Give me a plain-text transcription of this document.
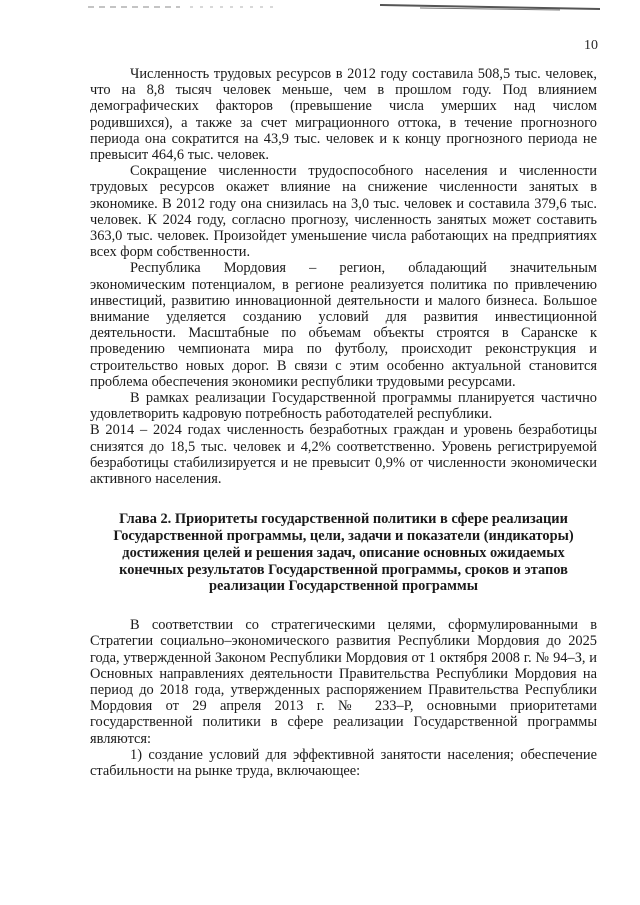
10

Численность трудовых ресурсов в 2012 году составила 508,5 тыс. человек, что на 8,8 тысяч человек меньше, чем в прошлом году. Под влиянием демографических факторов (превышение числа умерших над числом родившихся), а также за счет миграционного оттока, в течение прогнозного периода она сократится на 43,9 тыс. человек и к концу прогнозного периода не превысит 464,6 тыс. человек.

Сокращение численности трудоспособного населения и численности трудовых ресурсов окажет влияние на снижение численности занятых в экономике. В 2012 году она снизилась на 3,0 тыс. человек и составила 379,6 тыс. человек. К 2024 году, согласно прогнозу, численность занятых может составить 363,0 тыс. человек. Произойдет уменьшение числа работающих на предприятиях всех форм собственности.

Республика Мордовия – регион, обладающий значительным экономическим потенциалом, в регионе реализуется политика по привлечению инвестиций, развитию инновационной деятельности и малого бизнеса. Большое внимание уделяется созданию условий для развития инвестиционной деятельности. Масштабные по объемам объекты строятся в Саранске к проведению чемпионата мира по футболу, происходит реконструкция и строительство новых дорог. В связи с этим особенно актуальной становится проблема обеспечения экономики республики трудовыми ресурсами.

В рамках реализации Государственной программы планируется частично удовлетворить кадровую потребность работодателей республики.

В 2014 – 2024 годах численность безработных граждан и уровень безработицы снизятся до 18,5 тыс. человек и 4,2% соответственно. Уровень регистрируемой безработицы стабилизируется и не превысит 0,9% от численности экономически активного населения.

Глава 2. Приоритеты государственной политики в сфере реализации Государственной программы, цели, задачи и показатели (индикаторы) достижения целей и решения задач, описание основных ожидаемых конечных результатов Государственной программы, сроков и этапов реализации Государственной программы

В соответствии со стратегическими целями, сформулированными в Стратегии социально–экономического развития Республики Мордовия до 2025 года, утвержденной Законом Республики Мордовия от 1 октября 2008 г. № 94–З, и Основных направлениях деятельности Правительства Республики Мордовия на период до 2018 года, утвержденных распоряжением Правительства Республики Мордовия от 29 апреля 2013 г. № 233–Р, основными приоритетами государственной политики в сфере реализации Государственной программы являются:

1) создание условий для эффективной занятости населения; обеспечение стабильности на рынке труда, включающее:
